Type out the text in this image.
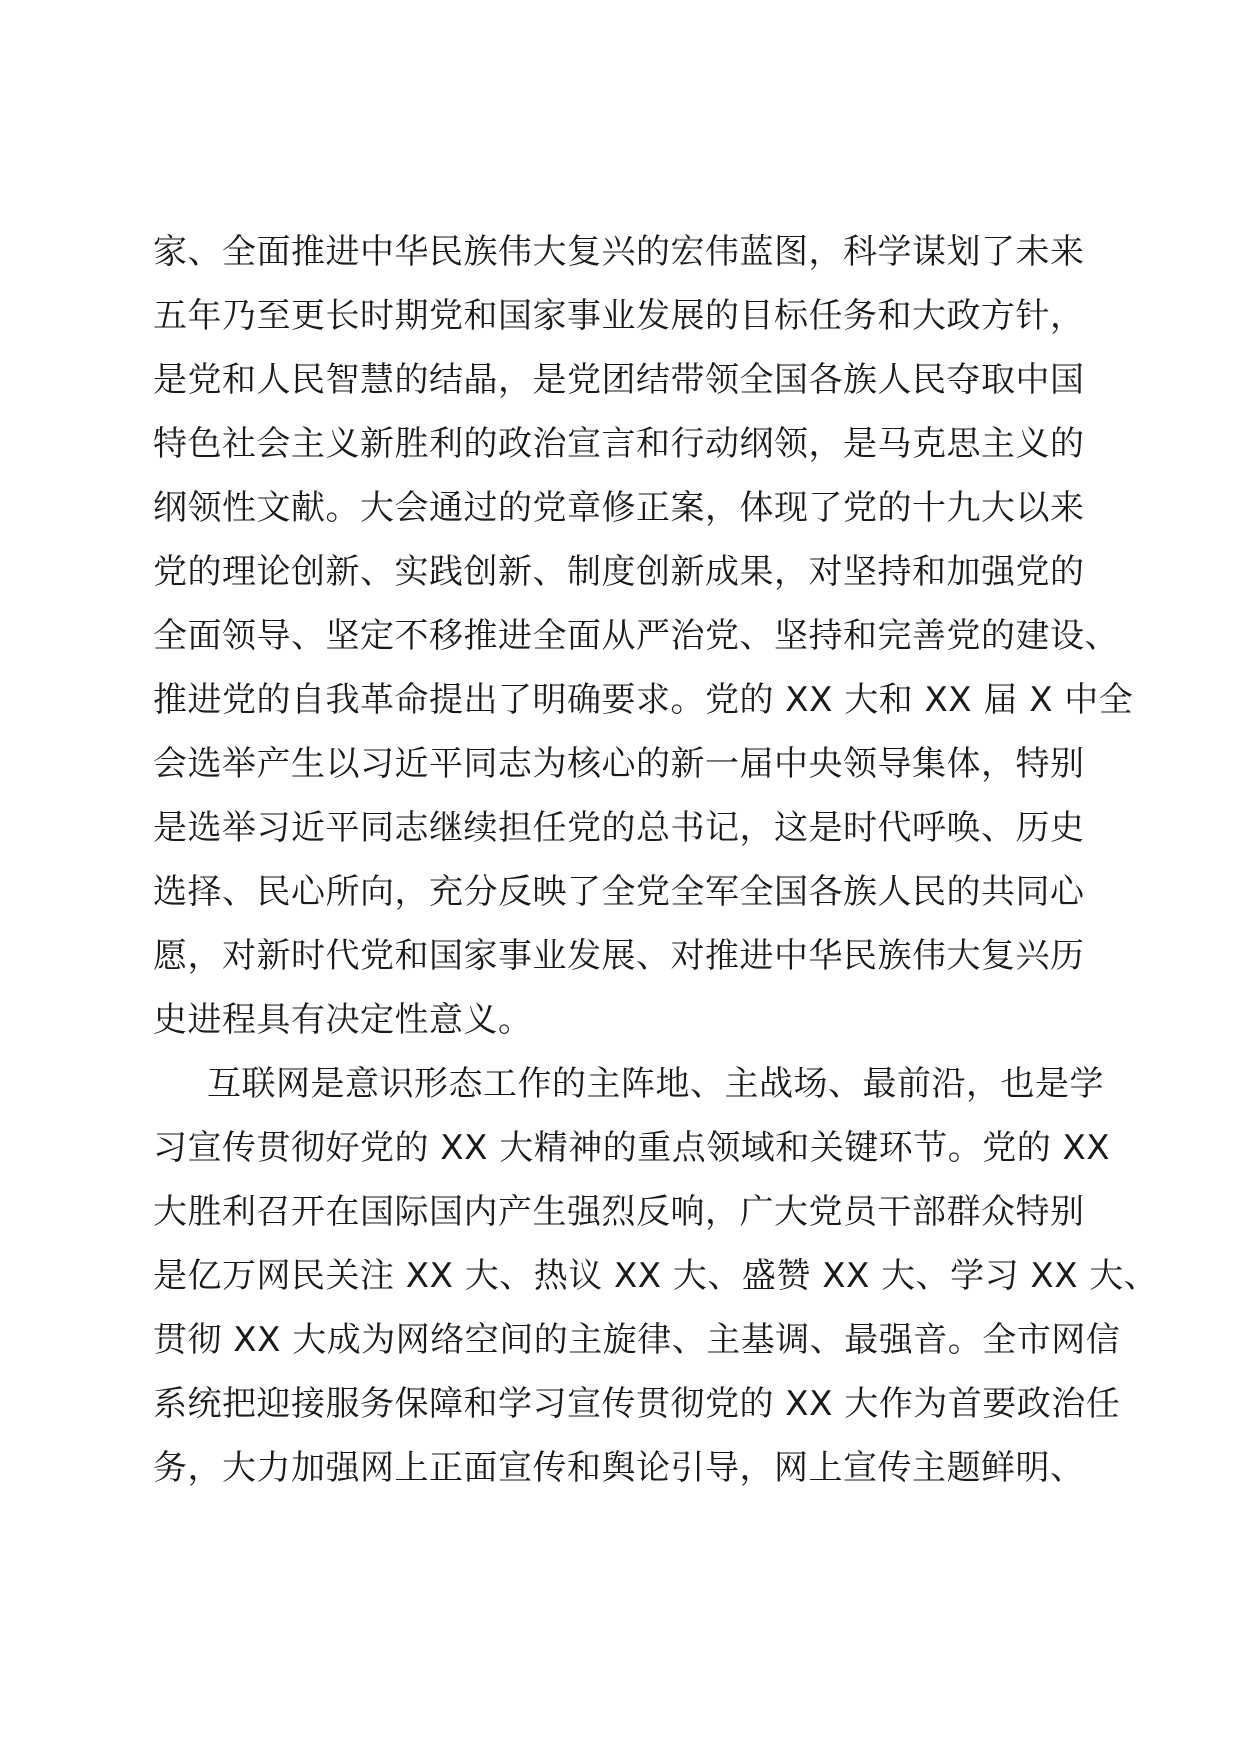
家、全面推进中华民族伟大复兴的宏伟蓝图，科学谋划了未来
五年乃至更长时期党和国家事业发展的目标任务和大政方针，
是党和人民智慧的结晶，是党团结带领全国各族人民夺取中国
特色社会主义新胜利的政治宣言和行动纲领，是马克思主义的
纲领性文献。大会通过的党章修正案，体现了党的十九大以来
党的理论创新、实践创新、制度创新成果，对坚持和加强党的
全面领导、坚定不移推进全面从严治党、坚持和完善党的建设、
推进党的自我革命提出了明确要求。党的 XX 大和 XX 届 X 中全
会选举产生以习近平同志为核心的新一届中央领导集体，特别
是选举习近平同志继续担任党的总书记，这是时代呼唤、历史
选择、民心所向，充分反映了全党全军全国各族人民的共同心
愿，对新时代党和国家事业发展、对推进中华民族伟大复兴历
史进程具有决定性意义。
互联网是意识形态工作的主阵地、主战场、最前沿，也是学
习宣传贯彻好党的 XX 大精神的重点领域和关键环节。党的 XX
大胜利召开在国际国内产生强烈反响，广大党员干部群众特别
是亿万网民关注 XX 大、热议 XX 大、盛赞 XX 大、学习 XX 大、
贯彻 XX 大成为网络空间的主旋律、主基调、最强音。全市网信
系统把迎接服务保障和学习宣传贯彻党的 XX 大作为首要政治任
务，大力加强网上正面宣传和舆论引导，网上宣传主题鲜明、
